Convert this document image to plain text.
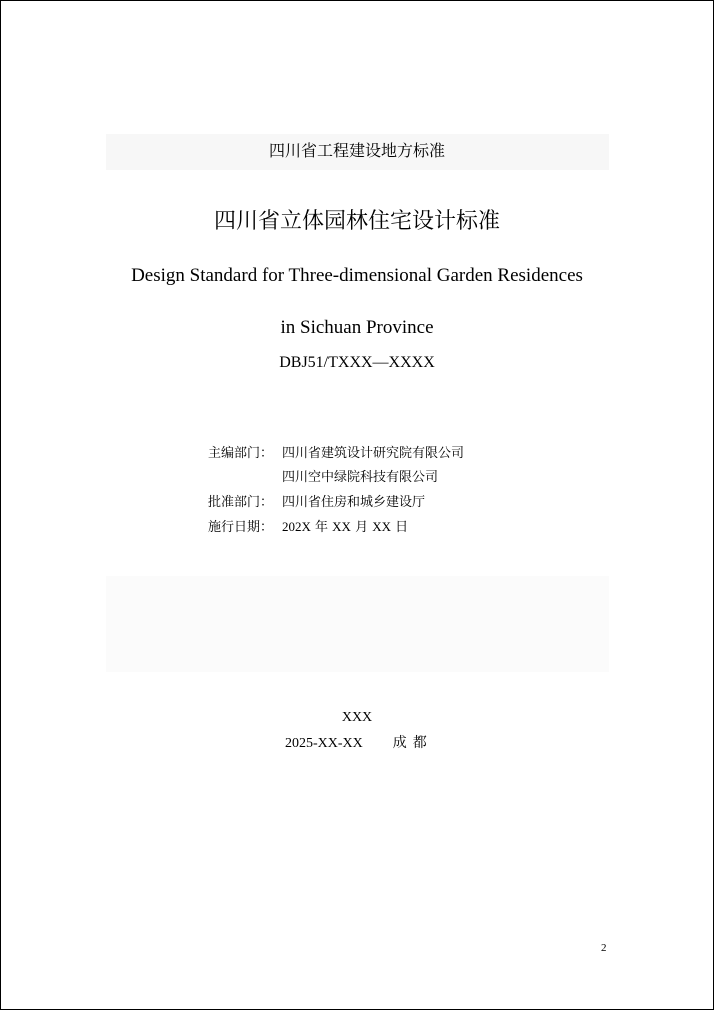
四川省工程建设地方标准
四川省立体园林住宅设计标准
Design Standard for Three-dimensional Garden Residences
in Sichuan Province
DBJ51/TXXX—XXXX
主编部门： 四川省建筑设计研究院有限公司
四川空中绿院科技有限公司
批准部门： 四川省住房和城乡建设厅
施行日期： 202X 年 XX 月 XX 日
XXX
2025-XX-XX 成都
2
